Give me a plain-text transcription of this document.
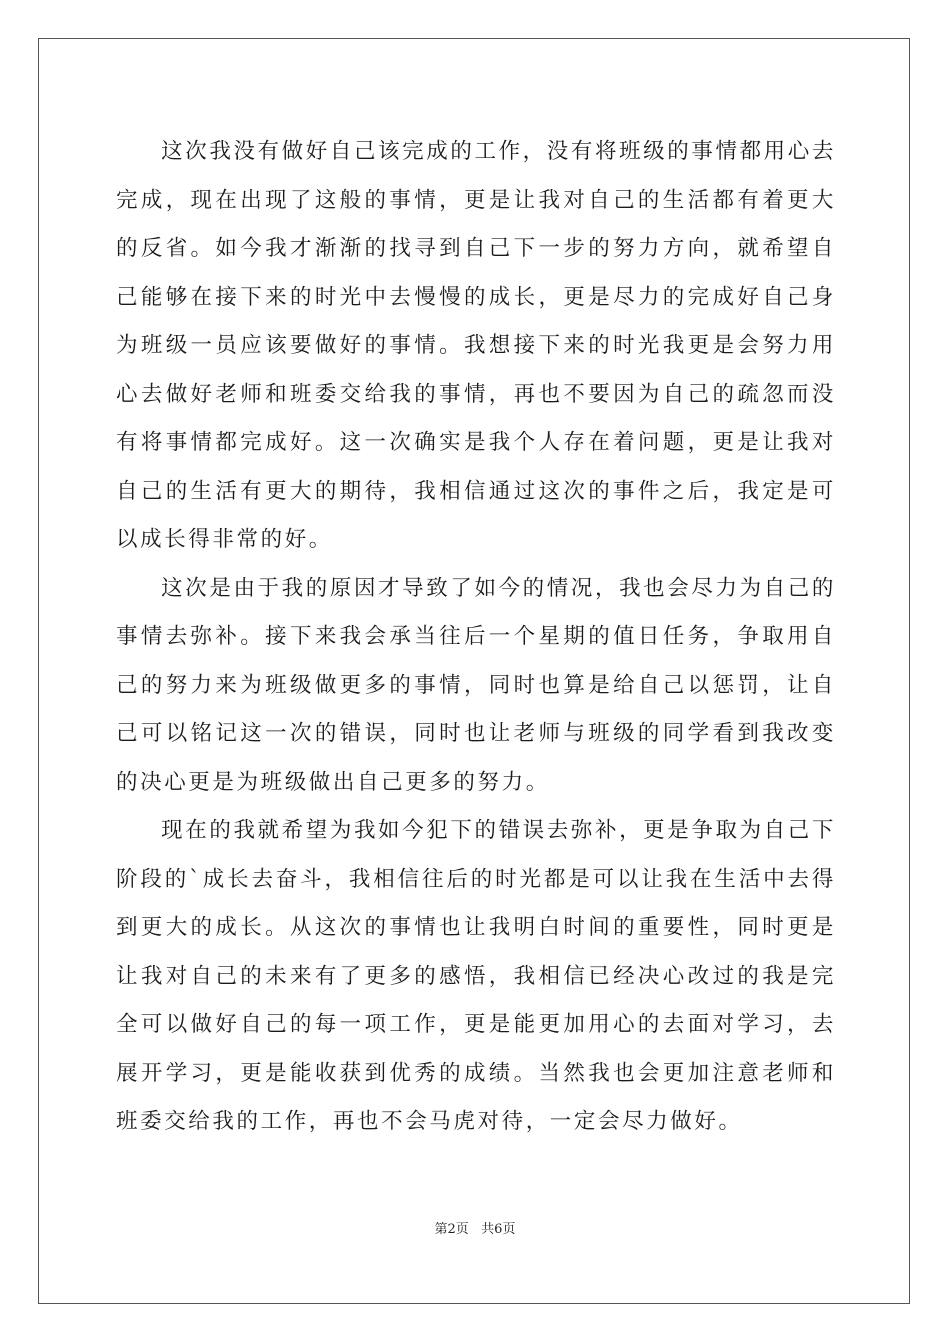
这次我没有做好自己该完成的工作，没有将班级的事情都用心去完成，现在出现了这般的事情，更是让我对自己的生活都有着更大的反省。如今我才渐渐的找寻到自己下一步的努力方向，就希望自己能够在接下来的时光中去慢慢的成长，更是尽力的完成好自己身为班级一员应该要做好的事情。我想接下来的时光我更是会努力用心去做好老师和班委交给我的事情，再也不要因为自己的疏忽而没有将事情都完成好。这一次确实是我个人存在着问题，更是让我对自己的生活有更大的期待，我相信通过这次的事件之后，我定是可以成长得非常的好。

这次是由于我的原因才导致了如今的情况，我也会尽力为自己的事情去弥补。接下来我会承当往后一个星期的值日任务，争取用自己的努力来为班级做更多的事情，同时也算是给自己以惩罚，让自己可以铭记这一次的错误，同时也让老师与班级的同学看到我改变的决心更是为班级做出自己更多的努力。

现在的我就希望为我如今犯下的错误去弥补，更是争取为自己下阶段的`成长去奋斗，我相信往后的时光都是可以让我在生活中去得到更大的成长。从这次的事情也让我明白时间的重要性，同时更是让我对自己的未来有了更多的感悟，我相信已经决心改过的我是完全可以做好自己的每一项工作，更是能更加用心的去面对学习，去展开学习，更是能收获到优秀的成绩。当然我也会更加注意老师和班委交给我的工作，再也不会马虎对待，一定会尽力做好。

第2页   共6页
